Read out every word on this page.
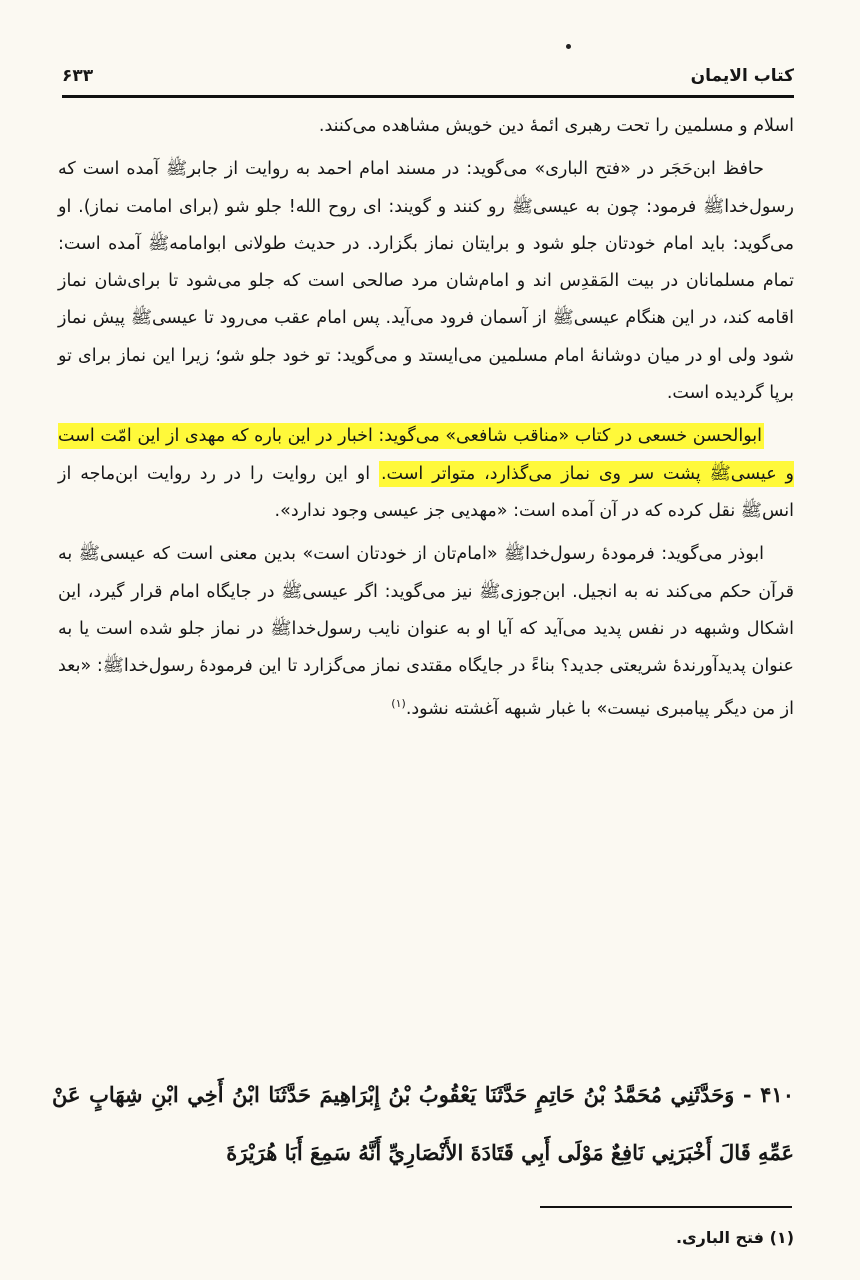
کتاب الایمان
۶۳۳

اسلام و مسلمین را تحت رهبری ائمهٔ دین خویش مشاهده می‌کنند.

حافظ ابن‌حَجَر در «فتح الباری» می‌گوید: در مسند امام احمد به روایت از جابرﷺ آمده است که رسول‌خداﷺ فرمود: چون به عیسی‌ﷺ رو کنند و گویند: ای روح الله! جلو شو (برای امامت نماز). او می‌گوید: باید امام خودتان جلو شود و برایتان نماز بگزارد. در حدیث طولانی ابوامامهﷺ آمده است: تمام مسلمانان در بیت المَقدِس اند و امام‌شان مرد صالحی است که جلو می‌شود تا برای‌شان نماز اقامه کند، در این هنگام عیسی‌ﷺ از آسمان فرود می‌آید. پس امام عقب می‌رود تا عیسی‌ﷺ پیش نماز شود ولی او در میان دوشانهٔ امام مسلمین می‌ایستد و می‌گوید: تو خود جلو شو؛ زیرا این نماز برای تو برپا گردیده است.

ابوالحسن خسعی در کتاب «مناقب شافعی» می‌گوید: اخبار در این باره که مهدی از این امّت است و عیسی‌ﷺ پشت سر وی نماز می‌گذارد، متواتر است. او این روایت را در رد روایت ابن‌ماجه از انسﷺ نقل کرده که در آن آمده است: «مهدیی جز عیسی وجود ندارد».

ابوذر می‌گوید: فرمودهٔ رسول‌خداﷺ «امام‌تان از خودتان است» بدین معنی است که عیسی‌ﷺ به قرآن حکم می‌کند نه به انجیل. ابن‌جوزیﷺ نیز می‌گوید: اگر عیسی‌ﷺ در جایگاه امام قرار گیرد، این اشکال وشبهه در نفس پدید می‌آید که آیا او به عنوان نایب رسول‌خداﷺ در نماز جلو شده است یا به عنوان پدیدآورندهٔ شریعتی جدید؟ بناءً در جایگاه مقتدی نماز می‌گزارد تا این فرمودهٔ رسول‌خداﷺ: «بعد از من دیگر پیامبری نیست» با غبار شبهه آغشته نشود.$^{(۱)}$

۴۱۰ - وَحَدَّثَنِي مُحَمَّدُ بْنُ حَاتِمٍ حَدَّثَنَا يَعْقُوبُ بْنُ إِبْرَاهِيمَ حَدَّثَنَا ابْنُ أَخِي ابْنِ شِهَابٍ عَنْ عَمِّهِ قَالَ أَخْبَرَنِي نَافِعٌ مَوْلَى أَبِي قَتَادَةَ الأَنْصَارِيِّ أَنَّهُ سَمِعَ أَبَا هُرَيْرَةَ

(۱) فتح الباری.
